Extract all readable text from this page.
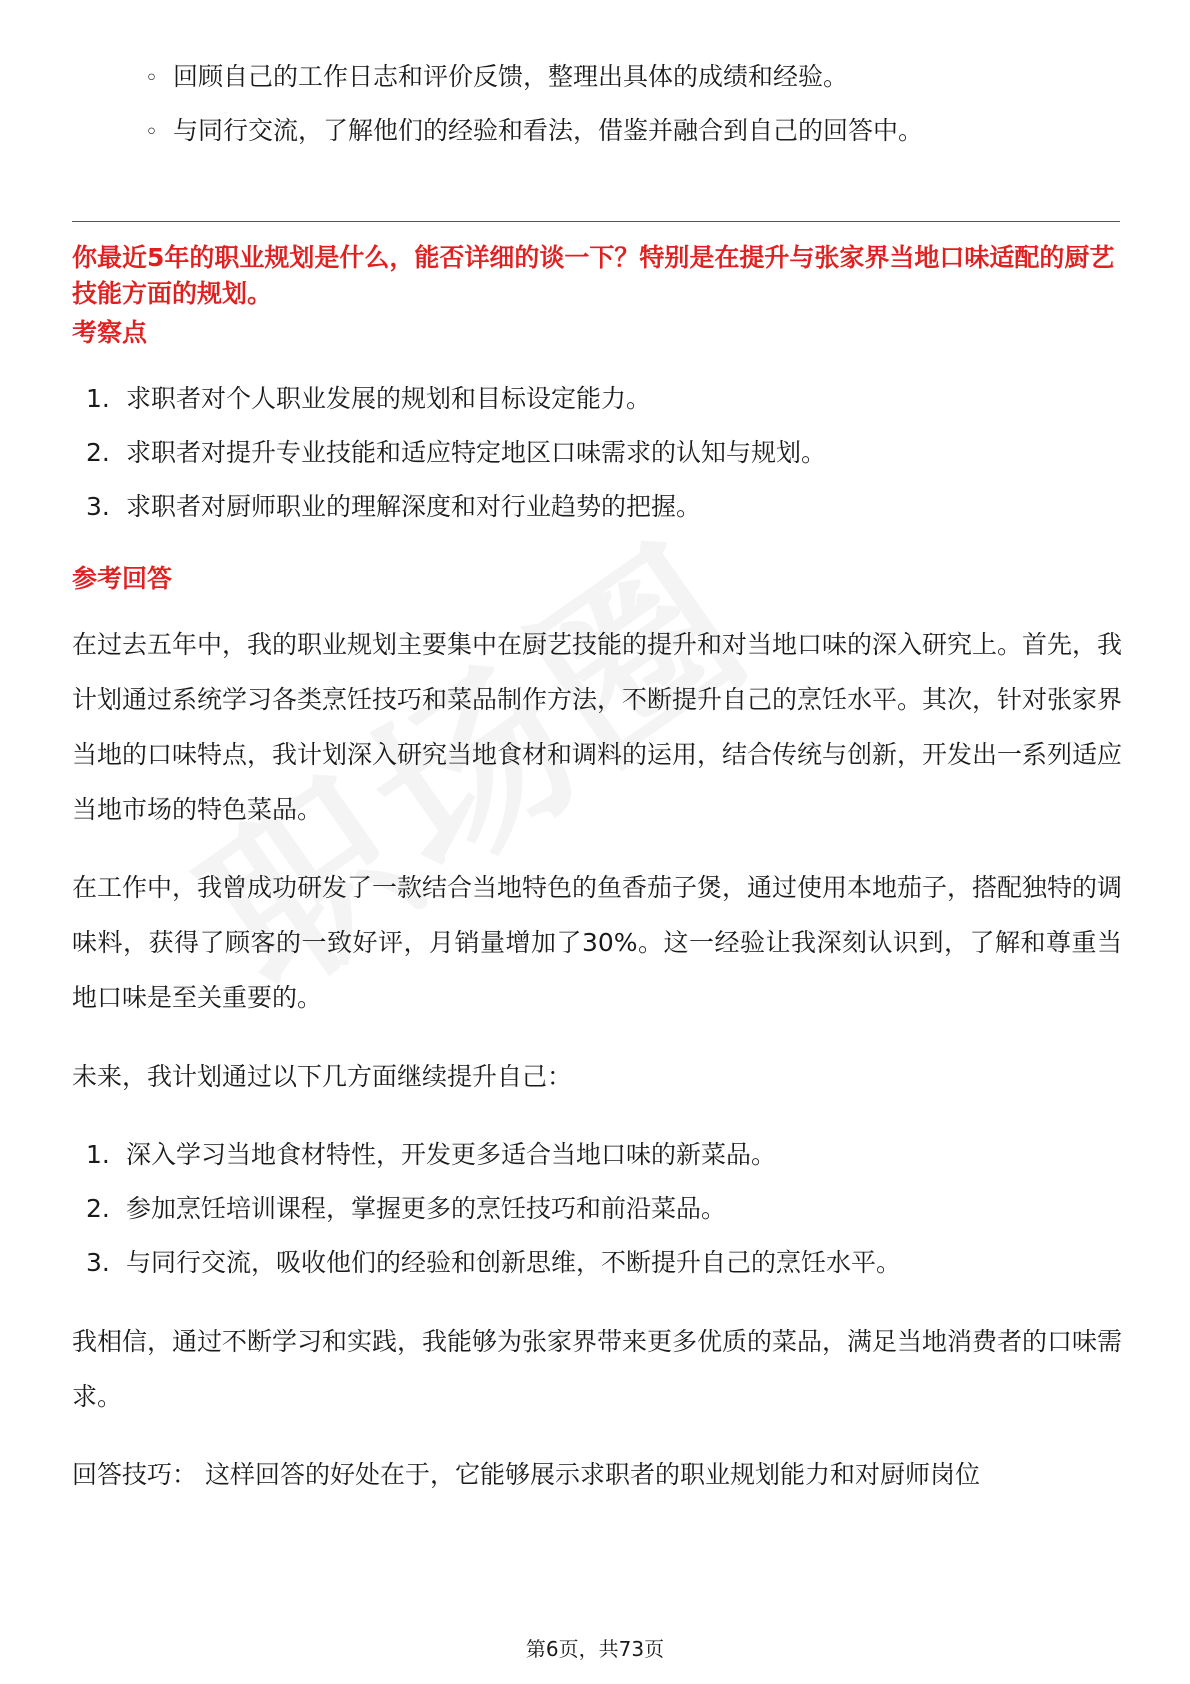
◦ 回顾自己的工作日志和评价反馈，整理出具体的成绩和经验。
◦ 与同行交流，了解他们的经验和看法，借鉴并融合到自己的回答中。
你最近5年的职业规划是什么，能否详细的谈一下？特别是在提升与张家界当地口味适配的厨艺技能方面的规划。
考察点
1. 求职者对个人职业发展的规划和目标设定能力。
2. 求职者对提升专业技能和适应特定地区口味需求的认知与规划。
3. 求职者对厨师职业的理解深度和对行业趋势的把握。
参考回答
在过去五年中，我的职业规划主要集中在厨艺技能的提升和对当地口味的深入研究上。首先，我计划通过系统学习各类烹饪技巧和菜品制作方法，不断提升自己的烹饪水平。其次，针对张家界当地的口味特点，我计划深入研究当地食材和调料的运用，结合传统与创新，开发出一系列适应当地市场的特色菜品。
在工作中，我曾成功研发了一款结合当地特色的鱼香茄子煲，通过使用本地茄子，搭配独特的调味料，获得了顾客的一致好评，月销量增加了30%。这一经验让我深刻认识到，了解和尊重当地口味是至关重要的。
未来，我计划通过以下几方面继续提升自己：
1. 深入学习当地食材特性，开发更多适合当地口味的新菜品。
2. 参加烹饪培训课程，掌握更多的烹饪技巧和前沿菜品。
3. 与同行交流，吸收他们的经验和创新思维，不断提升自己的烹饪水平。
我相信，通过不断学习和实践，我能够为张家界带来更多优质的菜品，满足当地消费者的口味需求。
回答技巧： 这样回答的好处在于，它能够展示求职者的职业规划能力和对厨师岗位
第6页，共73页
